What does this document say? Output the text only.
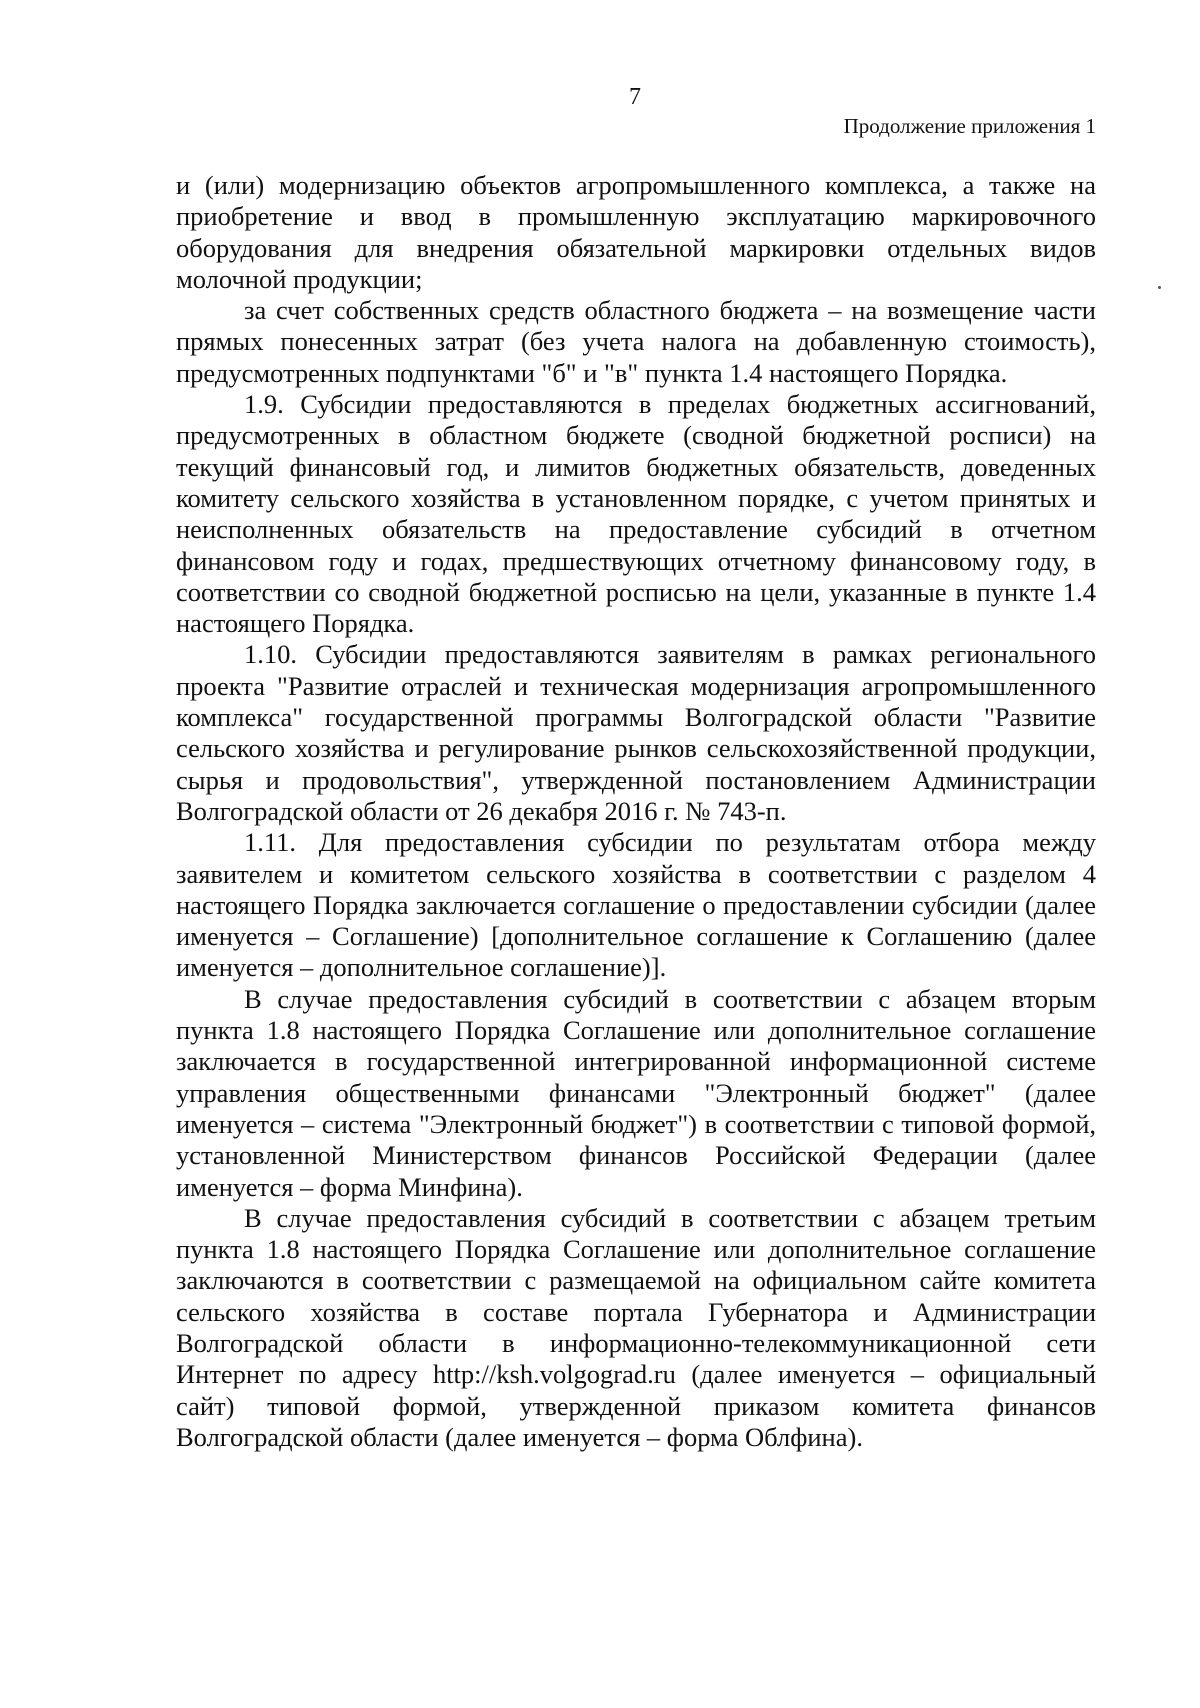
7
Продолжение приложения 1

и (или) модернизацию объектов агропромышленного комплекса, а также на приобретение и ввод в промышленную эксплуатацию маркировочного оборудования для внедрения обязательной маркировки отдельных видов молочной продукции;

за счет собственных средств областного бюджета – на возмещение части прямых понесенных затрат (без учета налога на добавленную стоимость), предусмотренных подпунктами "б" и "в" пункта 1.4 настоящего Порядка.

1.9. Субсидии предоставляются в пределах бюджетных ассигнований, предусмотренных в областном бюджете (сводной бюджетной росписи) на текущий финансовый год, и лимитов бюджетных обязательств, доведенных комитету сельского хозяйства в установленном порядке, с учетом принятых и неисполненных обязательств на предоставление субсидий в отчетном финансовом году и годах, предшествующих отчетному финансовому году, в соответствии со сводной бюджетной росписью на цели, указанные в пункте 1.4 настоящего Порядка.

1.10. Субсидии предоставляются заявителям в рамках регионального проекта "Развитие отраслей и техническая модернизация агропромышленного комплекса" государственной программы Волгоградской области "Развитие сельского хозяйства и регулирование рынков сельскохозяйственной продукции, сырья и продовольствия", утвержденной постановлением Администрации Волгоградской области от 26 декабря 2016 г. № 743-п.

1.11. Для предоставления субсидии по результатам отбора между заявителем и комитетом сельского хозяйства в соответствии с разделом 4 настоящего Порядка заключается соглашение о предоставлении субсидии (далее именуется – Соглашение) [дополнительное соглашение к Соглашению (далее именуется – дополнительное соглашение)].

В случае предоставления субсидий в соответствии с абзацем вторым пункта 1.8 настоящего Порядка Соглашение или дополнительное соглашение заключается в государственной интегрированной информационной системе управления общественными финансами "Электронный бюджет" (далее именуется – система "Электронный бюджет") в соответствии с типовой формой, установленной Министерством финансов Российской Федерации (далее именуется – форма Минфина).

В случае предоставления субсидий в соответствии с абзацем третьим пункта 1.8 настоящего Порядка Соглашение или дополнительное соглашение заключаются в соответствии с размещаемой на официальном сайте комитета сельского хозяйства в составе портала Губернатора и Администрации Волгоградской области в информационно-телекоммуникационной сети Интернет по адресу http://ksh.volgograd.ru (далее именуется – официальный сайт) типовой формой, утвержденной приказом комитета финансов Волгоградской области (далее именуется – форма Облфина).
